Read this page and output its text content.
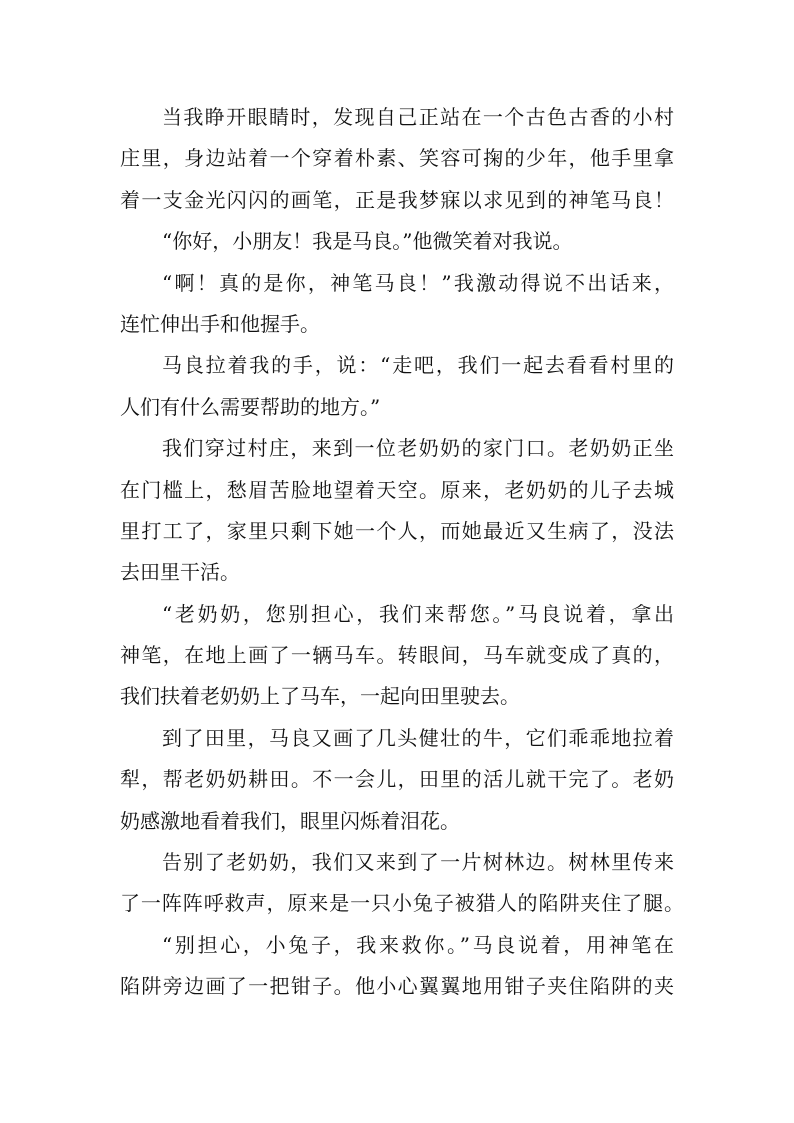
当我睁开眼睛时，发现自己正站在一个古色古香的小村
庄里，身边站着一个穿着朴素、笑容可掬的少年，他手里拿
着一支金光闪闪的画笔，正是我梦寐以求见到的神笔马良！
“你好，小朋友！我是马良。”他微笑着对我说。
“啊！真的是你，神笔马良！”我激动得说不出话来，
连忙伸出手和他握手。
马良拉着我的手，说：“走吧，我们一起去看看村里的
人们有什么需要帮助的地方。”
我们穿过村庄，来到一位老奶奶的家门口。老奶奶正坐
在门槛上，愁眉苦脸地望着天空。原来，老奶奶的儿子去城
里打工了，家里只剩下她一个人，而她最近又生病了，没法
去田里干活。
“老奶奶，您别担心，我们来帮您。”马良说着，拿出
神笔，在地上画了一辆马车。转眼间，马车就变成了真的，
我们扶着老奶奶上了马车，一起向田里驶去。
到了田里，马良又画了几头健壮的牛，它们乖乖地拉着
犁，帮老奶奶耕田。不一会儿，田里的活儿就干完了。老奶
奶感激地看着我们，眼里闪烁着泪花。
告别了老奶奶，我们又来到了一片树林边。树林里传来
了一阵阵呼救声，原来是一只小兔子被猎人的陷阱夹住了腿。
“别担心，小兔子，我来救你。”马良说着，用神笔在
陷阱旁边画了一把钳子。他小心翼翼地用钳子夹住陷阱的夹
